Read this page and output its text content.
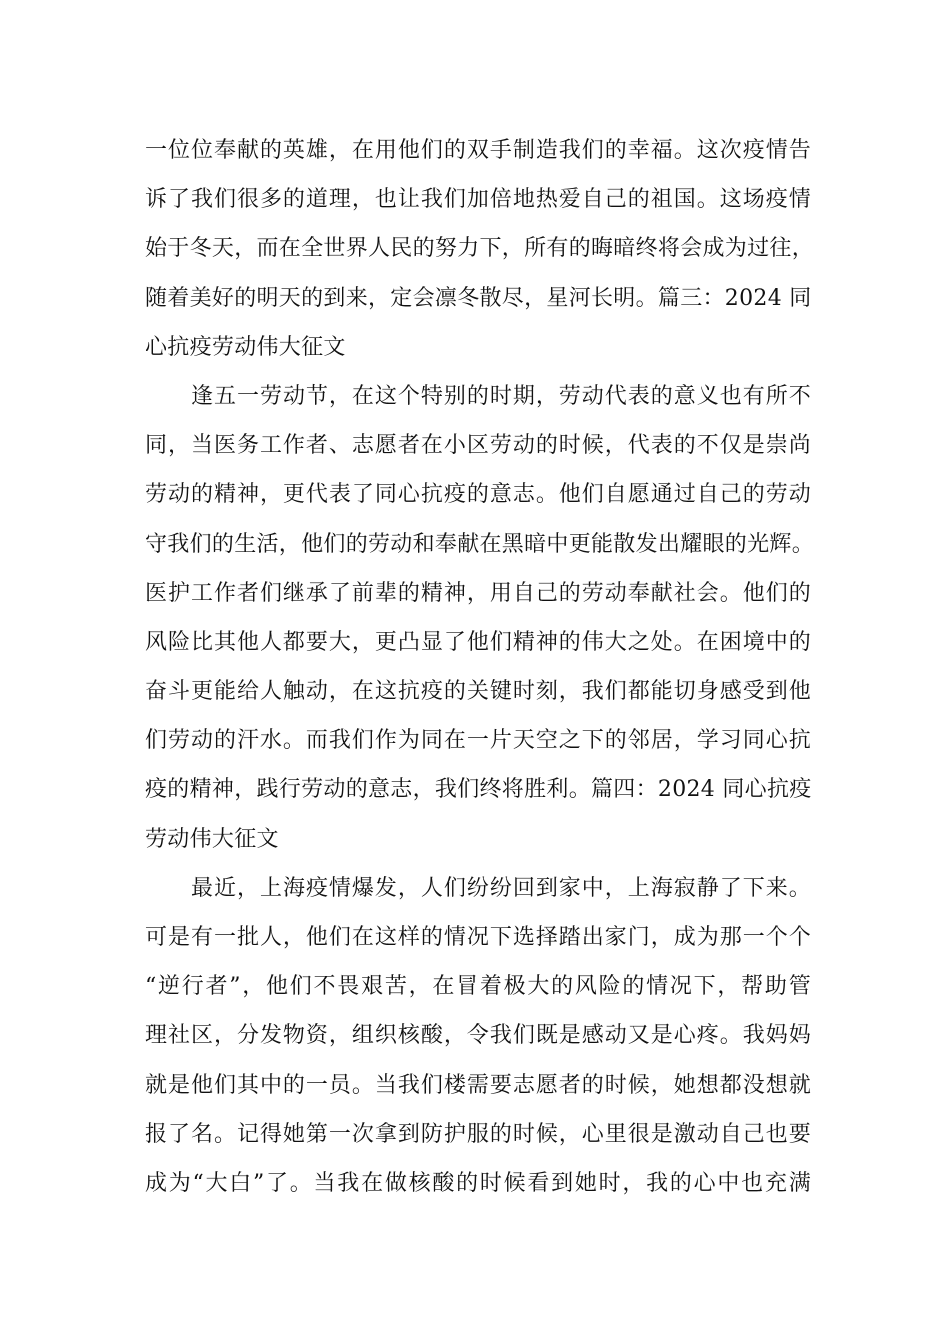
一位位奉献的英雄，在用他们的双手制造我们的幸福。这次疫情告
诉了我们很多的道理，也让我们加倍地热爱自己的祖国。这场疫情
始于冬天，而在全世界人民的努力下，所有的晦暗终将会成为过往，
随着美好的明天的到来，定会凛冬散尽，星河长明。篇三：2024 同
心抗疫劳动伟大征文
逢五一劳动节，在这个特别的时期，劳动代表的意义也有所不
同，当医务工作者、志愿者在小区劳动的时候，代表的不仅是崇尚
劳动的精神，更代表了同心抗疫的意志。他们自愿通过自己的劳动
守我们的生活，他们的劳动和奉献在黑暗中更能散发出耀眼的光辉。
医护工作者们继承了前辈的精神，用自己的劳动奉献社会。他们的
风险比其他人都要大，更凸显了他们精神的伟大之处。在困境中的
奋斗更能给人触动，在这抗疫的关键时刻，我们都能切身感受到他
们劳动的汗水。而我们作为同在一片天空之下的邻居，学习同心抗
疫的精神，践行劳动的意志，我们终将胜利。篇四：2024 同心抗疫
劳动伟大征文
最近，上海疫情爆发，人们纷纷回到家中，上海寂静了下来。
可是有一批人，他们在这样的情况下选择踏出家门，成为那一个个
“逆行者”，他们不畏艰苦，在冒着极大的风险的情况下，帮助管
理社区，分发物资，组织核酸，令我们既是感动又是心疼。我妈妈
就是他们其中的一员。当我们楼需要志愿者的时候，她想都没想就
报了名。记得她第一次拿到防护服的时候，心里很是激动自己也要
成为“大白”了。当我在做核酸的时候看到她时，我的心中也充满
